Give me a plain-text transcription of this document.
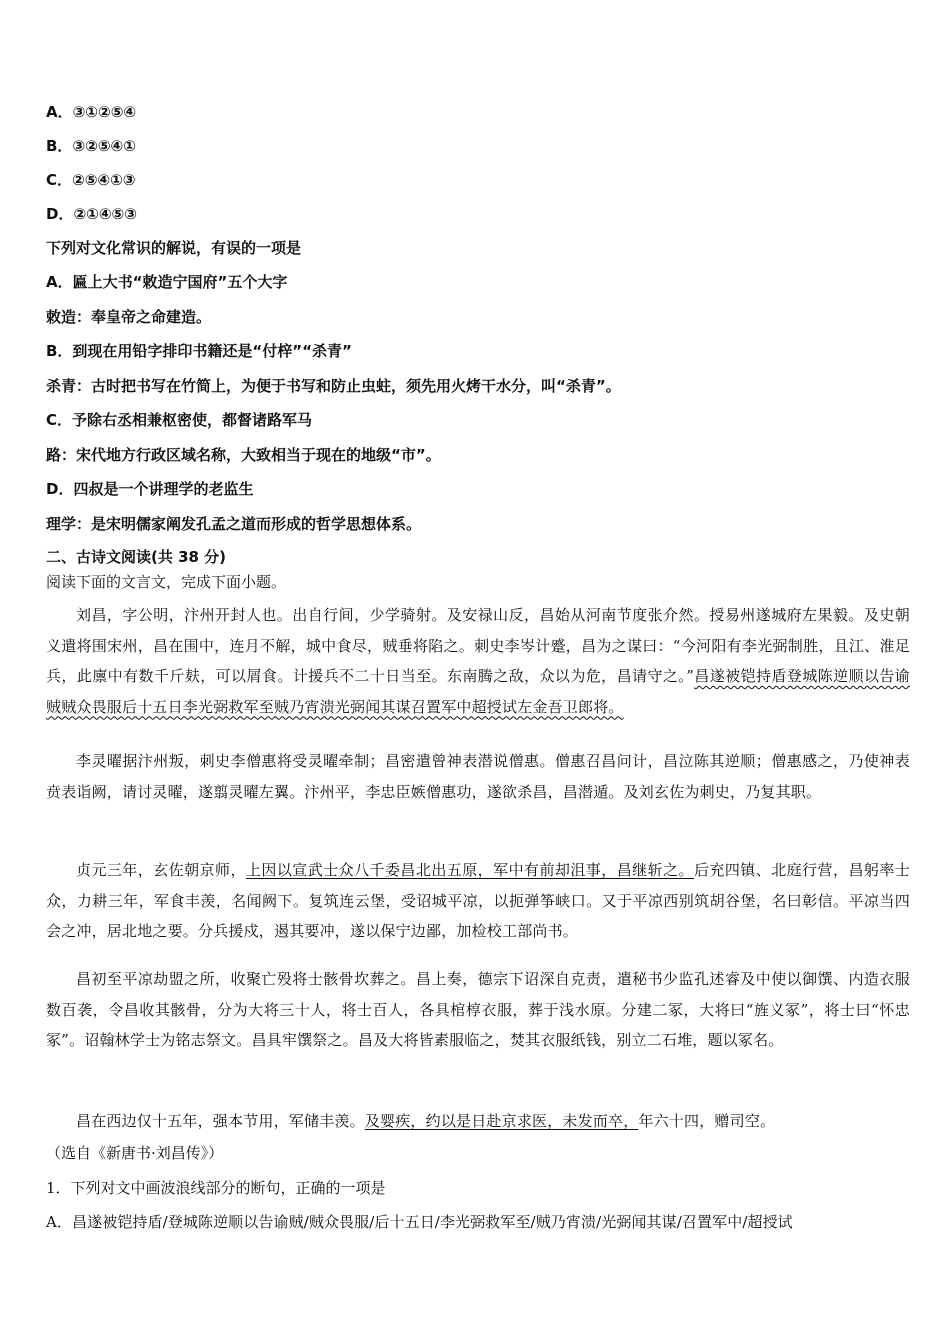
A．③①②⑤④
B．③②⑤④①
C．②⑤④①③
D．②①④⑤③
下列对文化常识的解说，有误的一项是
A．匾上大书“敕造宁国府”五个大字
敕造：奉皇帝之命建造。
B．到现在用铅字排印书籍还是“付梓”“杀青”
杀青：古时把书写在竹简上，为便于书写和防止虫蛀，须先用火烤干水分，叫“杀青”。
C．予除右丞相兼枢密使，都督诸路军马
路：宋代地方行政区域名称，大致相当于现在的地级“市”。
D．四叔是一个讲理学的老监生
理学：是宋明儒家阐发孔孟之道而形成的哲学思想体系。
二、古诗文阅读(共 38 分)
阅读下面的文言文，完成下面小题。
刘昌，字公明，汴州开封人也。出自行间，少学骑射。及安禄山反，昌始从河南节度张介然。授易州遂城府左果毅。及史朝义遣将围宋州，昌在围中，连月不解，城中食尽，贼垂将陷之。刺史李岑计蹙，昌为之谋曰：“今河阳有李光弼制胜，且江、淮足兵，此廪中有数千斤麸，可以屑食。计援兵不二十日当至。东南腾之敌，众以为危，昌请守之。”昌遂被铠持盾登城陈逆顺以告谕贼贼众畏服后十五日李光弼救军至贼乃宵溃光弼闻其谋召置军中超授试左金吾卫郎将。
李灵曜据汴州叛，刺史李僧惠将受灵曜牵制；昌密遣曾神表潜说僧惠。僧惠召昌问计，昌泣陈其逆顺；僧惠感之，乃使神表贲表诣阙，请讨灵曜，遂翦灵曜左翼。汴州平，李忠臣嫉僧惠功，遂欲杀昌，昌潜遁。及刘玄佐为刺史，乃复其职。
贞元三年，玄佐朝京师，上因以宣武士众八千委昌北出五原，军中有前却沮事，昌继斩之。后充四镇、北庭行营，昌躬率士众，力耕三年，军食丰羡，名闻阙下。复筑连云堡，受诏城平凉，以扼弹筝峡口。又于平凉西别筑胡谷堡，名曰彰信。平凉当四会之冲，居北地之要。分兵援戍，遏其要冲，遂以保宁边鄙，加检校工部尚书。
昌初至平凉劫盟之所，收聚亡殁将士骸骨坎葬之。昌上奏，德宗下诏深自克责，遣秘书少监孔述睿及中使以御馔、内造衣服数百袭，令昌收其骸骨，分为大将三十人，将士百人，各具棺椁衣服，葬于浅水原。分建二冢，大将曰“旌义冢”，将士曰“怀忠冢”。诏翰林学士为铭志祭文。昌具牢馔祭之。昌及大将皆素服临之，焚其衣服纸钱，别立二石堆，题以冢名。
昌在西边仅十五年，强本节用，军储丰羡。及婴疾，约以是日赴京求医，未发而卒，年六十四，赠司空。
（选自《新唐书·刘昌传》）
1．下列对文中画波浪线部分的断句，正确的一项是
A．昌遂被铠持盾/登城陈逆顺以告谕贼/贼众畏服/后十五日/李光弼救军至/贼乃宵溃/光弼闻其谋/召置军中/超授试
